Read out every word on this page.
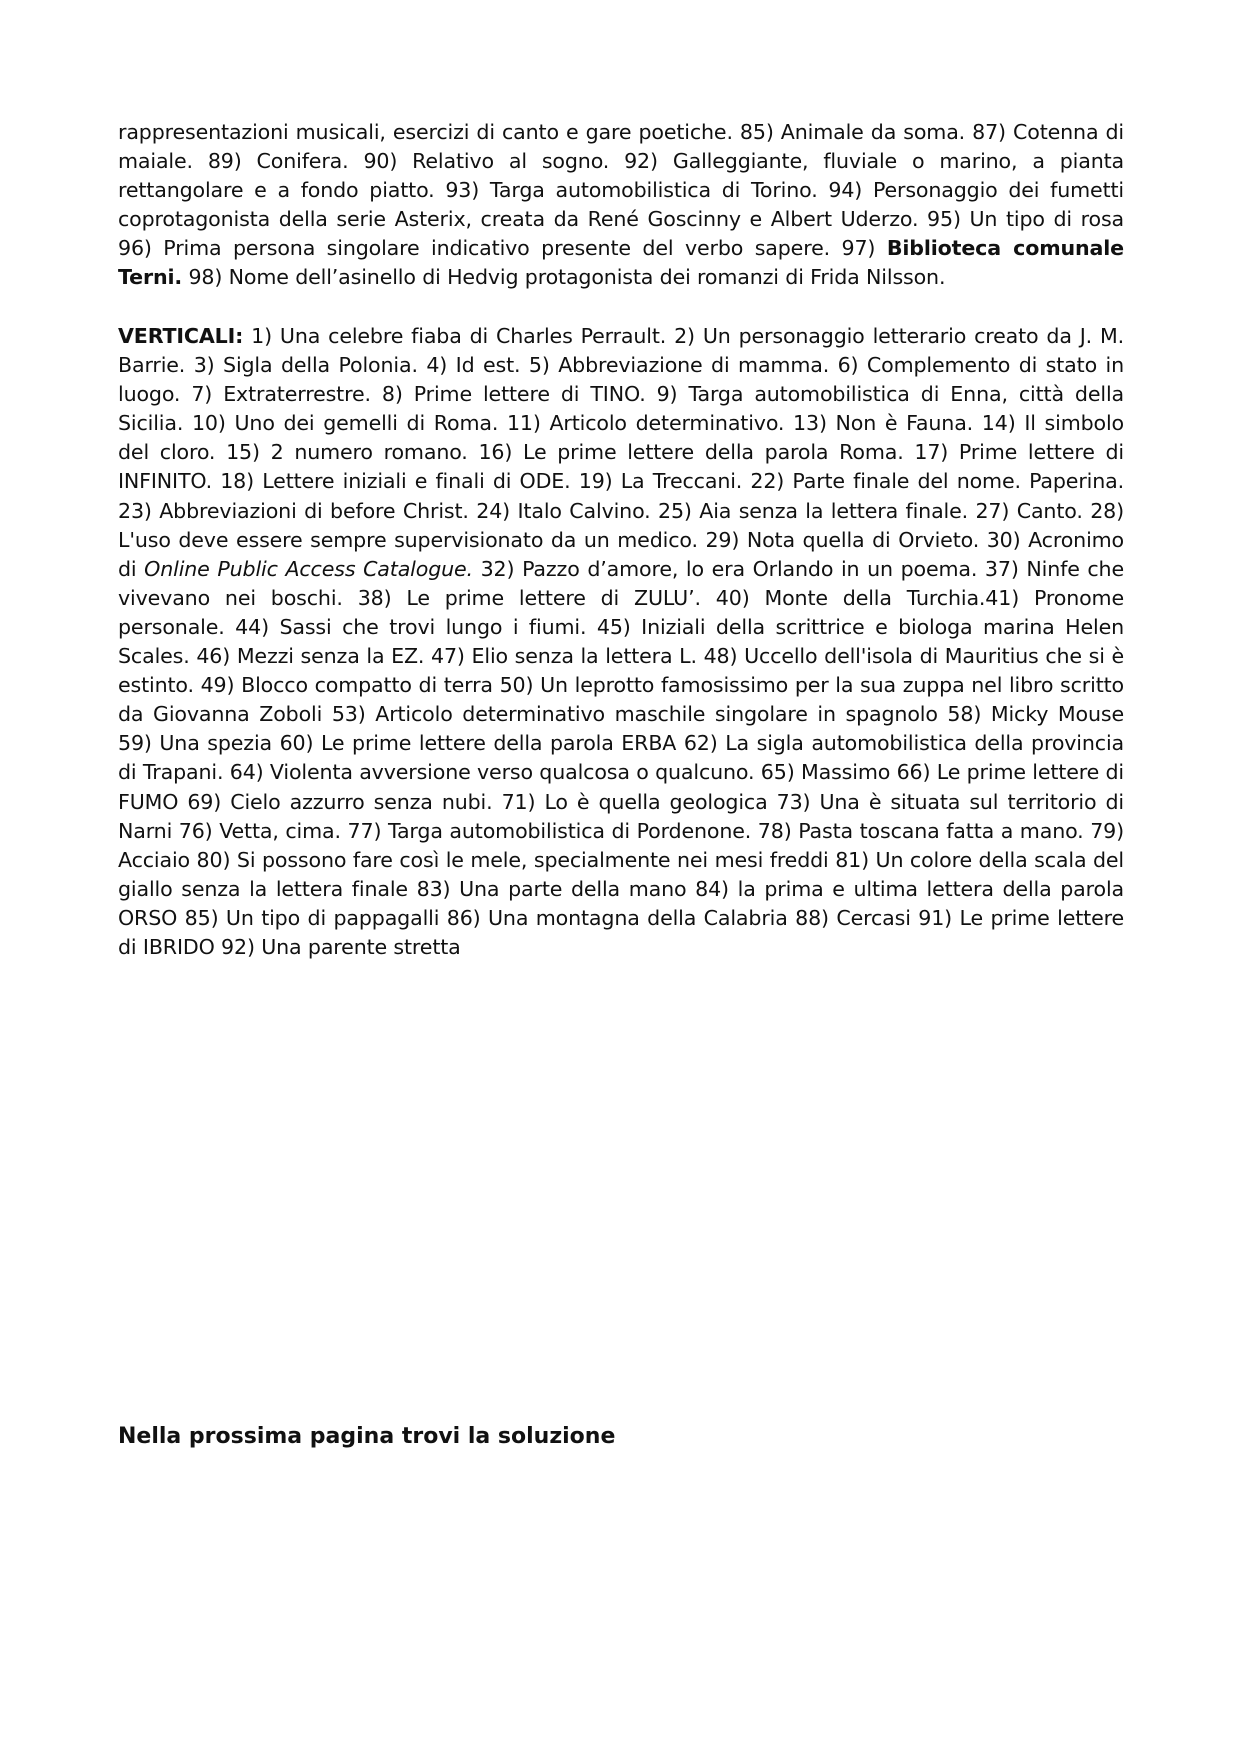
rappresentazioni musicali, esercizi di canto e gare poetiche. 85) Animale da soma. 87) Cotenna di maiale. 89) Conifera. 90) Relativo al sogno. 92) Galleggiante, fluviale o marino, a pianta rettangolare e a fondo piatto. 93) Targa automobilistica di Torino. 94) Personaggio dei fumetti coprotagonista della serie Asterix, creata da René Goscinny e Albert Uderzo. 95) Un tipo di rosa 96) Prima persona singolare indicativo presente del verbo sapere. 97) Biblioteca comunale Terni. 98) Nome dell’asinello di Hedvig protagonista dei romanzi di Frida Nilsson.

VERTICALI: 1) Una celebre fiaba di Charles Perrault. 2) Un personaggio letterario creato da J. M. Barrie. 3) Sigla della Polonia. 4) Id est. 5) Abbreviazione di mamma. 6) Complemento di stato in luogo. 7) Extraterrestre. 8) Prime lettere di TINO. 9) Targa automobilistica di Enna, città della Sicilia. 10) Uno dei gemelli di Roma. 11) Articolo determinativo. 13) Non è Fauna. 14) Il simbolo del cloro. 15) 2 numero romano. 16) Le prime lettere della parola Roma. 17) Prime lettere di INFINITO. 18) Lettere iniziali e finali di ODE. 19) La Treccani. 22) Parte finale del nome. Paperina. 23) Abbreviazioni di before Christ. 24) Italo Calvino. 25) Aia senza la lettera finale. 27) Canto. 28) L'uso deve essere sempre supervisionato da un medico. 29) Nota quella di Orvieto. 30) Acronimo di Online Public Access Catalogue. 32) Pazzo d’amore, lo era Orlando in un poema. 37) Ninfe che vivevano nei boschi. 38) Le prime lettere di ZULU’. 40) Monte della Turchia.41) Pronome personale. 44) Sassi che trovi lungo i fiumi. 45) Iniziali della scrittrice e biologa marina Helen Scales. 46) Mezzi senza la EZ. 47) Elio senza la lettera L. 48) Uccello dell'isola di Mauritius che si è estinto. 49) Blocco compatto di terra 50) Un leprotto famosissimo per la sua zuppa nel libro scritto da Giovanna Zoboli 53) Articolo determinativo maschile singolare in spagnolo 58) Micky Mouse 59) Una spezia 60) Le prime lettere della parola ERBA 62) La sigla automobilistica della provincia di Trapani. 64) Violenta avversione verso qualcosa o qualcuno. 65) Massimo 66) Le prime lettere di FUMO 69) Cielo azzurro senza nubi. 71) Lo è quella geologica 73) Una è situata sul territorio di Narni 76) Vetta, cima. 77) Targa automobilistica di Pordenone. 78) Pasta toscana fatta a mano. 79) Acciaio 80) Si possono fare così le mele, specialmente nei mesi freddi 81) Un colore della scala del giallo senza la lettera finale 83) Una parte della mano 84) la prima e ultima lettera della parola ORSO 85) Un tipo di pappagalli 86) Una montagna della Calabria 88) Cercasi 91) Le prime lettere di IBRIDO 92) Una parente stretta

Nella prossima pagina trovi la soluzione
